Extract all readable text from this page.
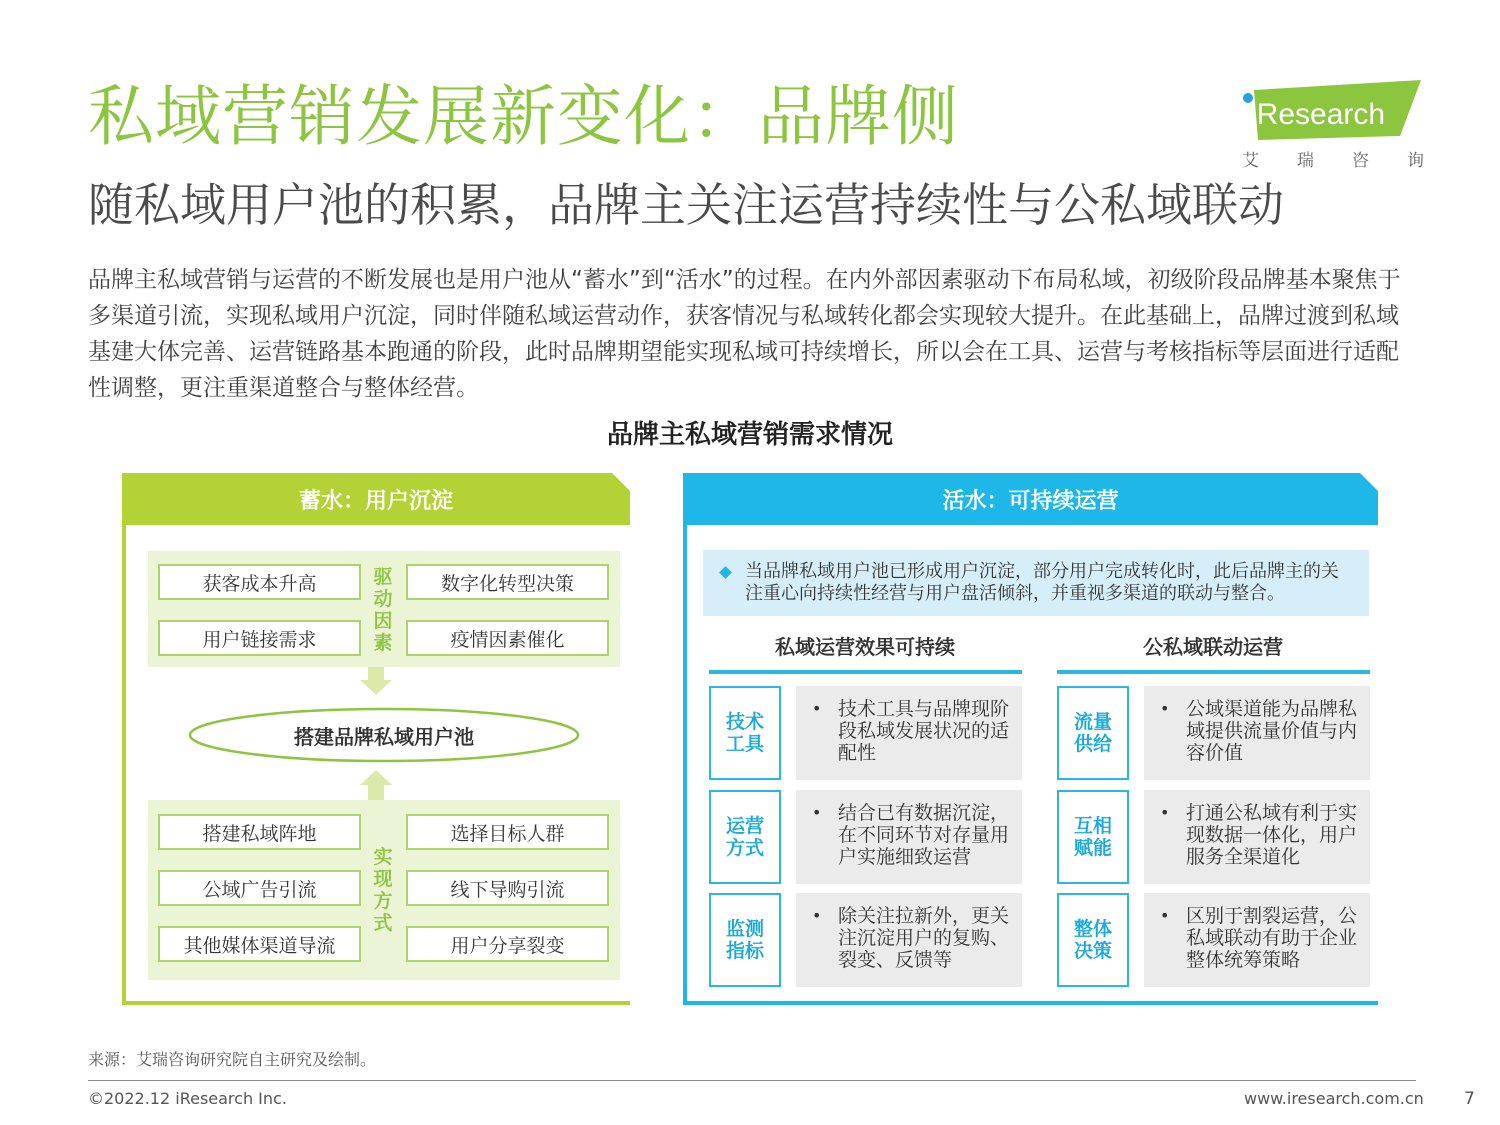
私域营销发展新变化：品牌侧
随私域用户池的积累，品牌主关注运营持续性与公私域联动
iResearch
艾 瑞 咨 询
品牌主私域营销与运营的不断发展也是用户池从“蓄水”到“活水”的过程。在内外部因素驱动下布局私域，初级阶段品牌基本聚焦于多渠道引流，实现私域用户沉淀，同时伴随私域运营动作，获客情况与私域转化都会实现较大提升。在此基础上，品牌过渡到私域基建大体完善、运营链路基本跑通的阶段，此时品牌期望能实现私域可持续增长，所以会在工具、运营与考核指标等层面进行适配性调整，更注重渠道整合与整体经营。
品牌主私域营销需求情况
蓄水：用户沉淀
获客成本升高	数字化转型决策
用户链接需求	疫情因素催化
驱动因素
搭建品牌私域用户池
搭建私域阵地	选择目标人群
公域广告引流	线下导购引流
其他媒体渠道导流	用户分享裂变
实现方式
活水：可持续运营
当品牌私域用户池已形成用户沉淀，部分用户完成转化时，此后品牌主的关注重心向持续性经营与用户盘活倾斜，并重视多渠道的联动与整合。
私域运营效果可持续
技术工具
• 技术工具与品牌现阶段私域发展状况的适配性
运营方式
• 结合已有数据沉淀，在不同环节对存量用户实施细致运营
监测指标
• 除关注拉新外，更关注沉淀用户的复购、裂变、反馈等
公私域联动运营
流量供给
• 公域渠道能为品牌私域提供流量价值与内容价值
互相赋能
• 打通公私域有利于实现数据一体化，用户服务全渠道化
整体决策
• 区别于割裂运营，公私域联动有助于企业整体统筹策略
来源：艾瑞咨询研究院自主研究及绘制。
©2022.12 iResearch Inc.	www.iresearch.com.cn 7
